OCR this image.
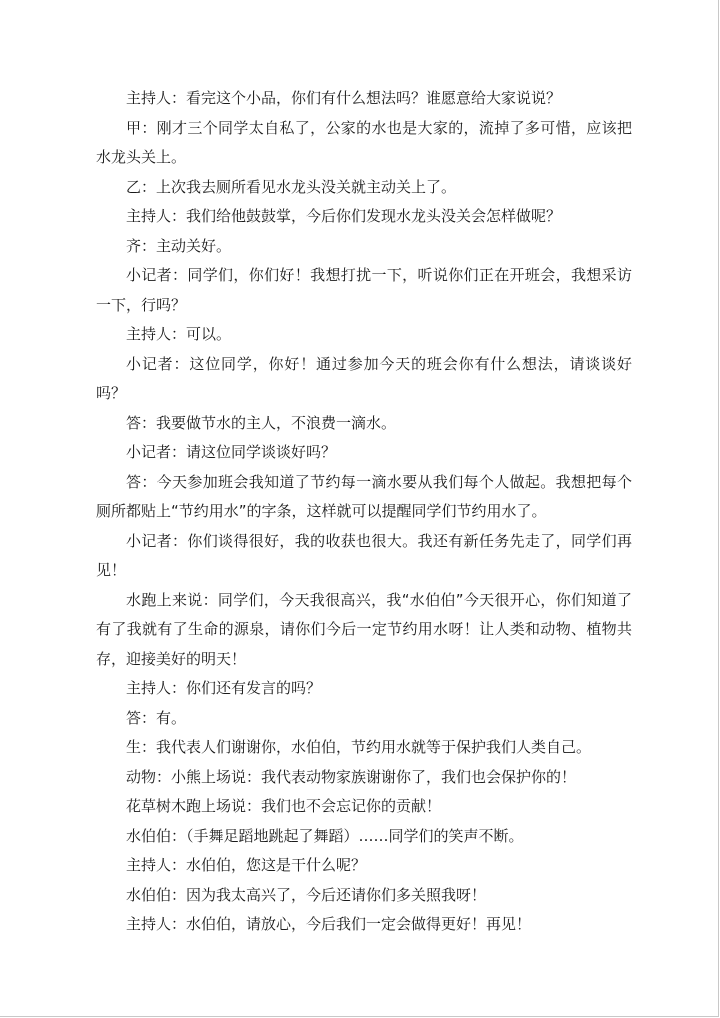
主持人：看完这个小品，你们有什么想法吗？谁愿意给大家说说？

甲：刚才三个同学太自私了，公家的水也是大家的，流掉了多可惜，应该把水龙头关上。

乙：上次我去厕所看见水龙头没关就主动关上了。

主持人：我们给他鼓鼓掌，今后你们发现水龙头没关会怎样做呢？

齐：主动关好。

小记者：同学们，你们好！我想打扰一下，听说你们正在开班会，我想采访一下，行吗？

主持人：可以。

小记者：这位同学，你好！通过参加今天的班会你有什么想法，请谈谈好吗？

答：我要做节水的主人，不浪费一滴水。

小记者：请这位同学谈谈好吗？

答：今天参加班会我知道了节约每一滴水要从我们每个人做起。我想把每个厕所都贴上“节约用水”的字条，这样就可以提醒同学们节约用水了。

小记者：你们谈得很好，我的收获也很大。我还有新任务先走了，同学们再见！

水跑上来说：同学们，今天我很高兴，我“水伯伯”今天很开心，你们知道了有了我就有了生命的源泉，请你们今后一定节约用水呀！让人类和动物、植物共存，迎接美好的明天！

主持人：你们还有发言的吗？

答：有。

生：我代表人们谢谢你，水伯伯，节约用水就等于保护我们人类自己。

动物：小熊上场说：我代表动物家族谢谢你了，我们也会保护你的！

花草树木跑上场说：我们也不会忘记你的贡献！

水伯伯：（手舞足蹈地跳起了舞蹈）……同学们的笑声不断。

主持人：水伯伯，您这是干什么呢？

水伯伯：因为我太高兴了，今后还请你们多关照我呀！

主持人：水伯伯，请放心，今后我们一定会做得更好！再见！
